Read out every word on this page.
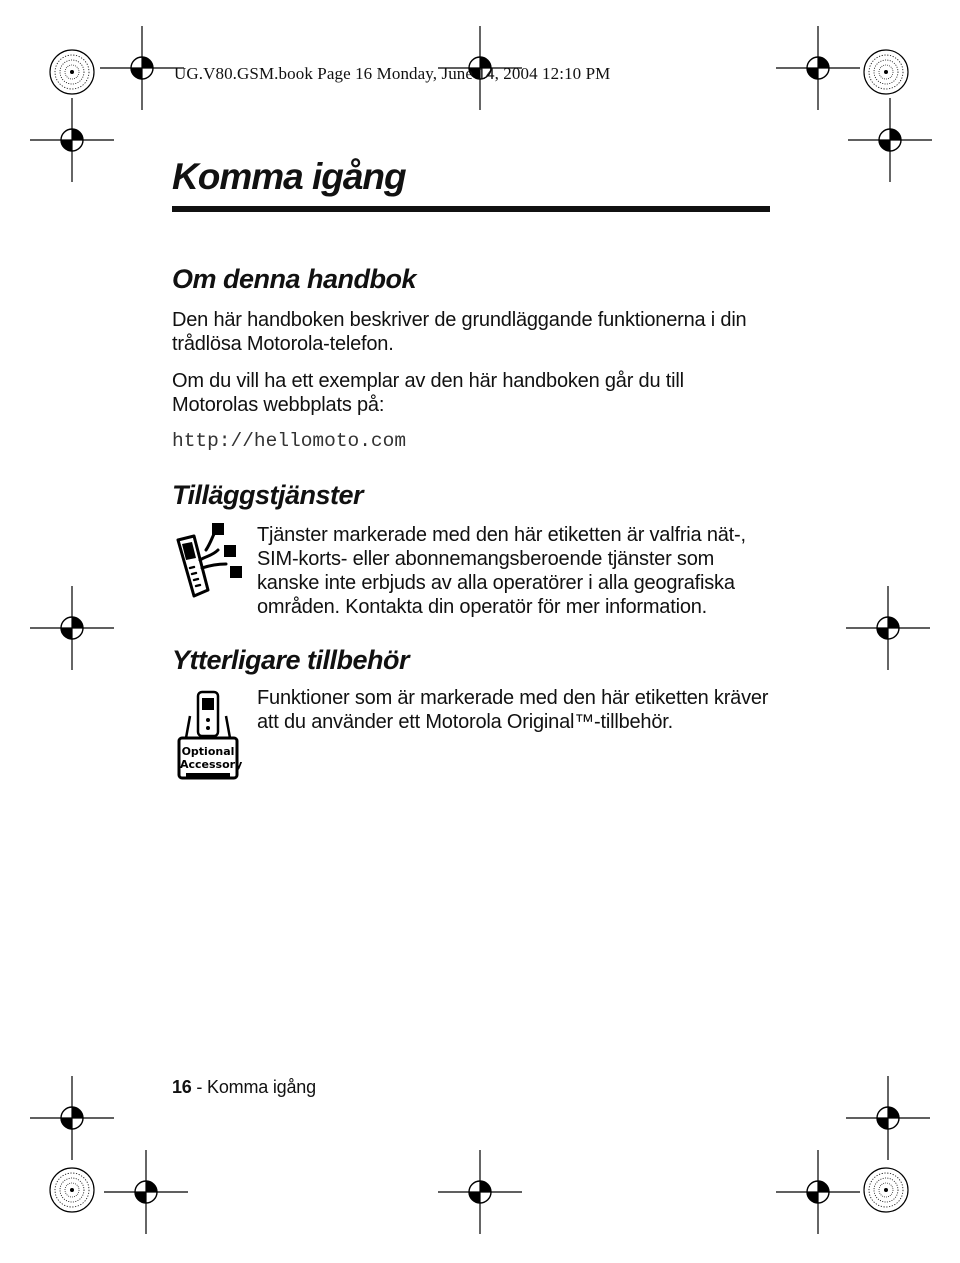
UG.V80.GSM.book Page 16 Monday, June 14, 2004 12:10 PM
Komma igång
Om denna handbok

Den här handboken beskriver de grundläggande funktionerna i din trådlösa Motorola-telefon.

Om du vill ha ett exemplar av den här handboken går du till Motorolas webbplats på:

http://hellomoto.com
Tilläggstjänster

Tjänster markerade med den här etiketten är valfria nät-, SIM-korts- eller abonnemangsberoende tjänster som kanske inte erbjuds av alla operatörer i alla geografiska områden. Kontakta din operatör för mer information.

Ytterligare tillbehör
Optional
Accessory

Funktioner som är markerade med den här etiketten kräver att du använder ett Motorola Original™-tillbehör.

16 - Komma igång
